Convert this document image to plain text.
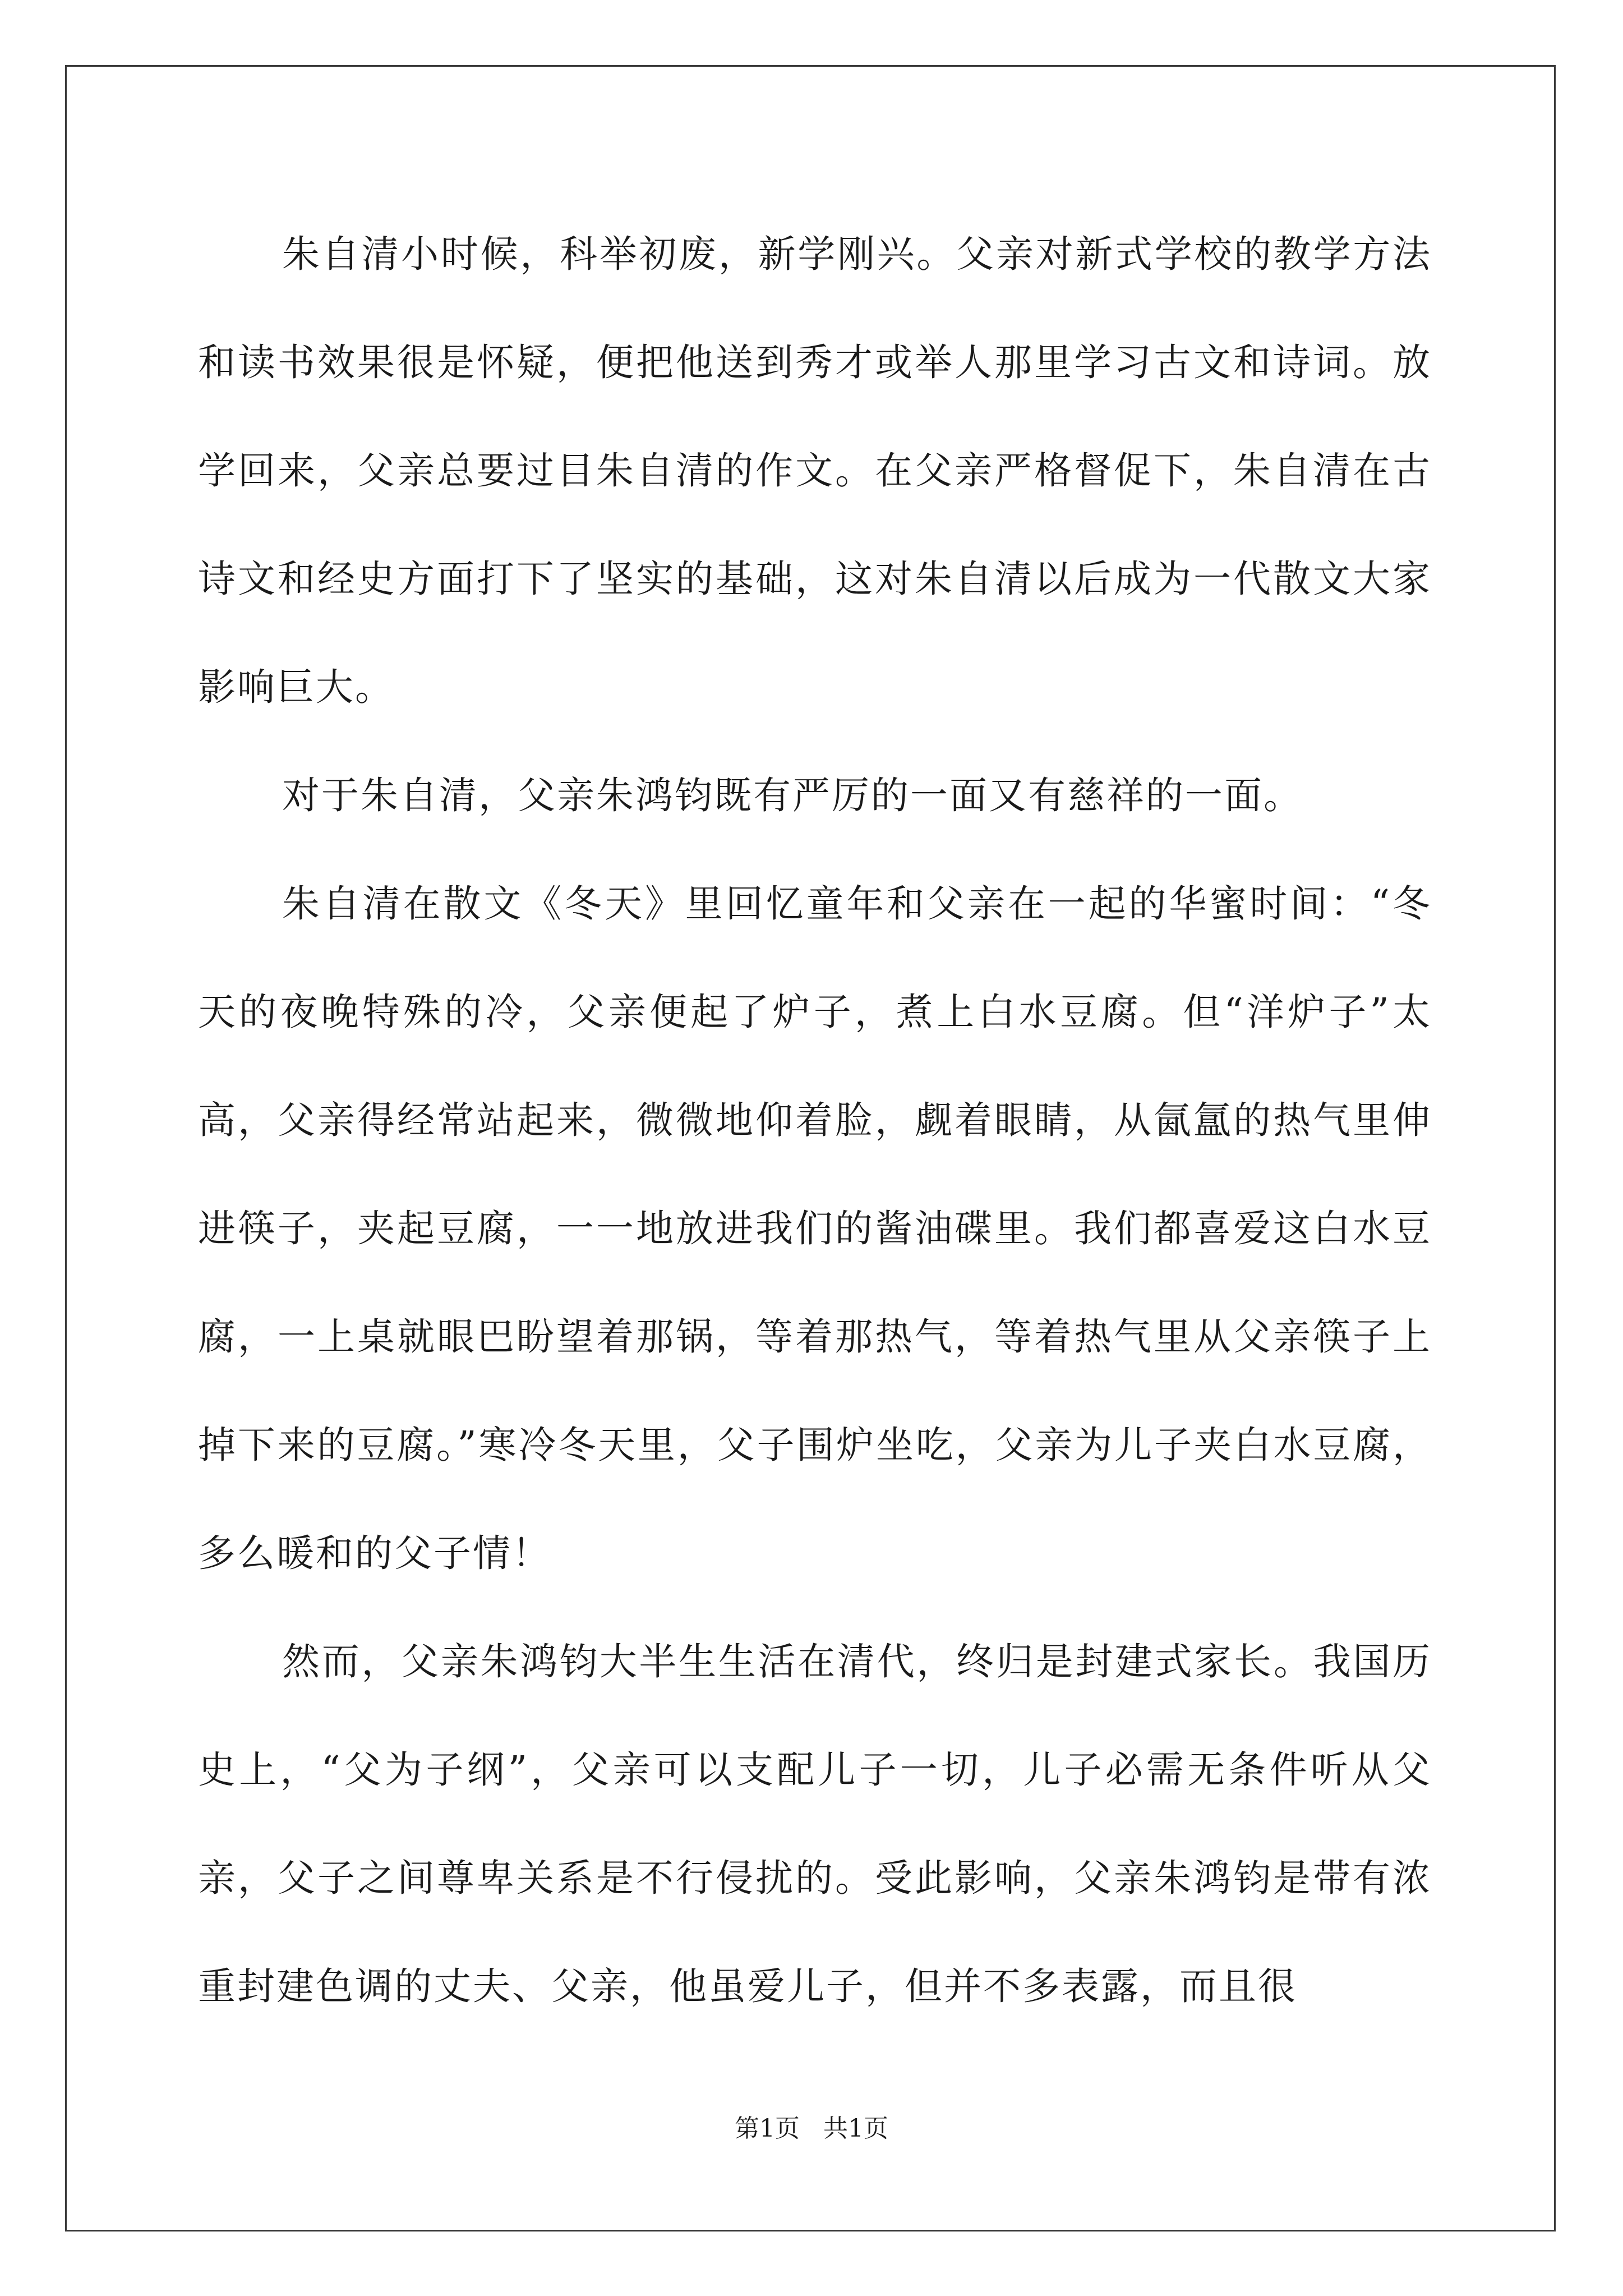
朱自清小时候，科举初废，新学刚兴。父亲对新式学校的教学方法和读书效果很是怀疑，便把他送到秀才或举人那里学习古文和诗词。放学回来，父亲总要过目朱自清的作文。在父亲严格督促下，朱自清在古诗文和经史方面打下了坚实的基础，这对朱自清以后成为一代散文大家影响巨大。

对于朱自清，父亲朱鸿钧既有严厉的一面又有慈祥的一面。

朱自清在散文《冬天》里回忆童年和父亲在一起的华蜜时间：“冬天的夜晚特殊的冷，父亲便起了炉子，煮上白水豆腐。但“洋炉子”太高，父亲得经常站起来，微微地仰着脸，觑着眼睛，从氤氲的热气里伸进筷子，夹起豆腐，一一地放进我们的酱油碟里。我们都喜爱这白水豆腐，一上桌就眼巴盼望着那锅，等着那热气，等着热气里从父亲筷子上掉下来的豆腐。”寒冷冬天里，父子围炉坐吃，父亲为儿子夹白水豆腐，多么暖和的父子情！

然而，父亲朱鸿钧大半生生活在清代，终归是封建式家长。我国历史上，“父为子纲”，父亲可以支配儿子一切，儿子必需无条件听从父亲，父子之间尊卑关系是不行侵扰的。受此影响，父亲朱鸿钧是带有浓重封建色调的丈夫、父亲，他虽爱儿子，但并不多表露，而且很

第1页 共1页
